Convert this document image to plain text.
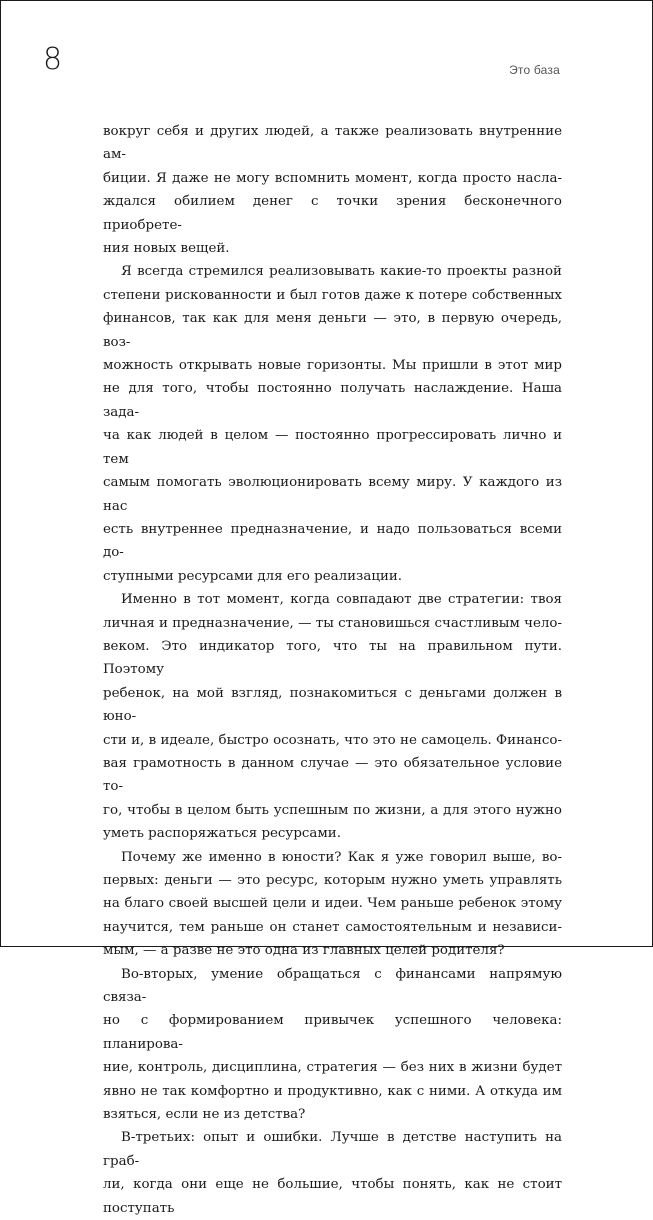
8	Это база

вокруг себя и других людей, а также реализовать внутренние ам-

биции. Я даже не могу вспомнить момент, когда просто насла-

ждался обилием денег с точки зрения бесконечного приобрете-

ния новых вещей.

Я всегда стремился реализовывать какие-то проекты разной

степени рискованности и был готов даже к потере собственных

финансов, так как для меня деньги — это, в первую очередь, воз-

можность открывать новые горизонты. Мы пришли в этот мир

не для того, чтобы постоянно получать наслаждение. Наша зада-

ча как людей в целом — постоянно прогрессировать лично и тем

самым помогать эволюционировать всему миру. У каждого из нас

есть внутреннее предназначение, и надо пользоваться всеми до-

ступными ресурсами для его реализации.

Именно в тот момент, когда совпадают две стратегии: твоя

личная и предназначение, — ты становишься счастливым чело-

веком. Это индикатор того, что ты на правильном пути. Поэтому

ребенок, на мой взгляд, познакомиться с деньгами должен в юно-

сти и, в идеале, быстро осознать, что это не самоцель. Финансо-

вая грамотность в данном случае — это обязательное условие то-

го, чтобы в целом быть успешным по жизни, а для этого нужно

уметь распоряжаться ресурсами.

Почему же именно в юности? Как я уже говорил выше, во-

первых: деньги — это ресурс, которым нужно уметь управлять

на благо своей высшей цели и идеи. Чем раньше ребенок этому

научится, тем раньше он станет самостоятельным и независи-

мым, — а разве не это одна из главных целей родителя?

Во-вторых, умение обращаться с финансами напрямую связа-

но с формированием привычек успешного человека: планирова-

ние, контроль, дисциплина, стратегия — без них в жизни будет

явно не так комфортно и продуктивно, как с ними. А откуда им

взяться, если не из детства?

В-третьих: опыт и ошибки. Лучше в детстве наступить на граб-

ли, когда они еще не большие, чтобы понять, как не стоит поступать
